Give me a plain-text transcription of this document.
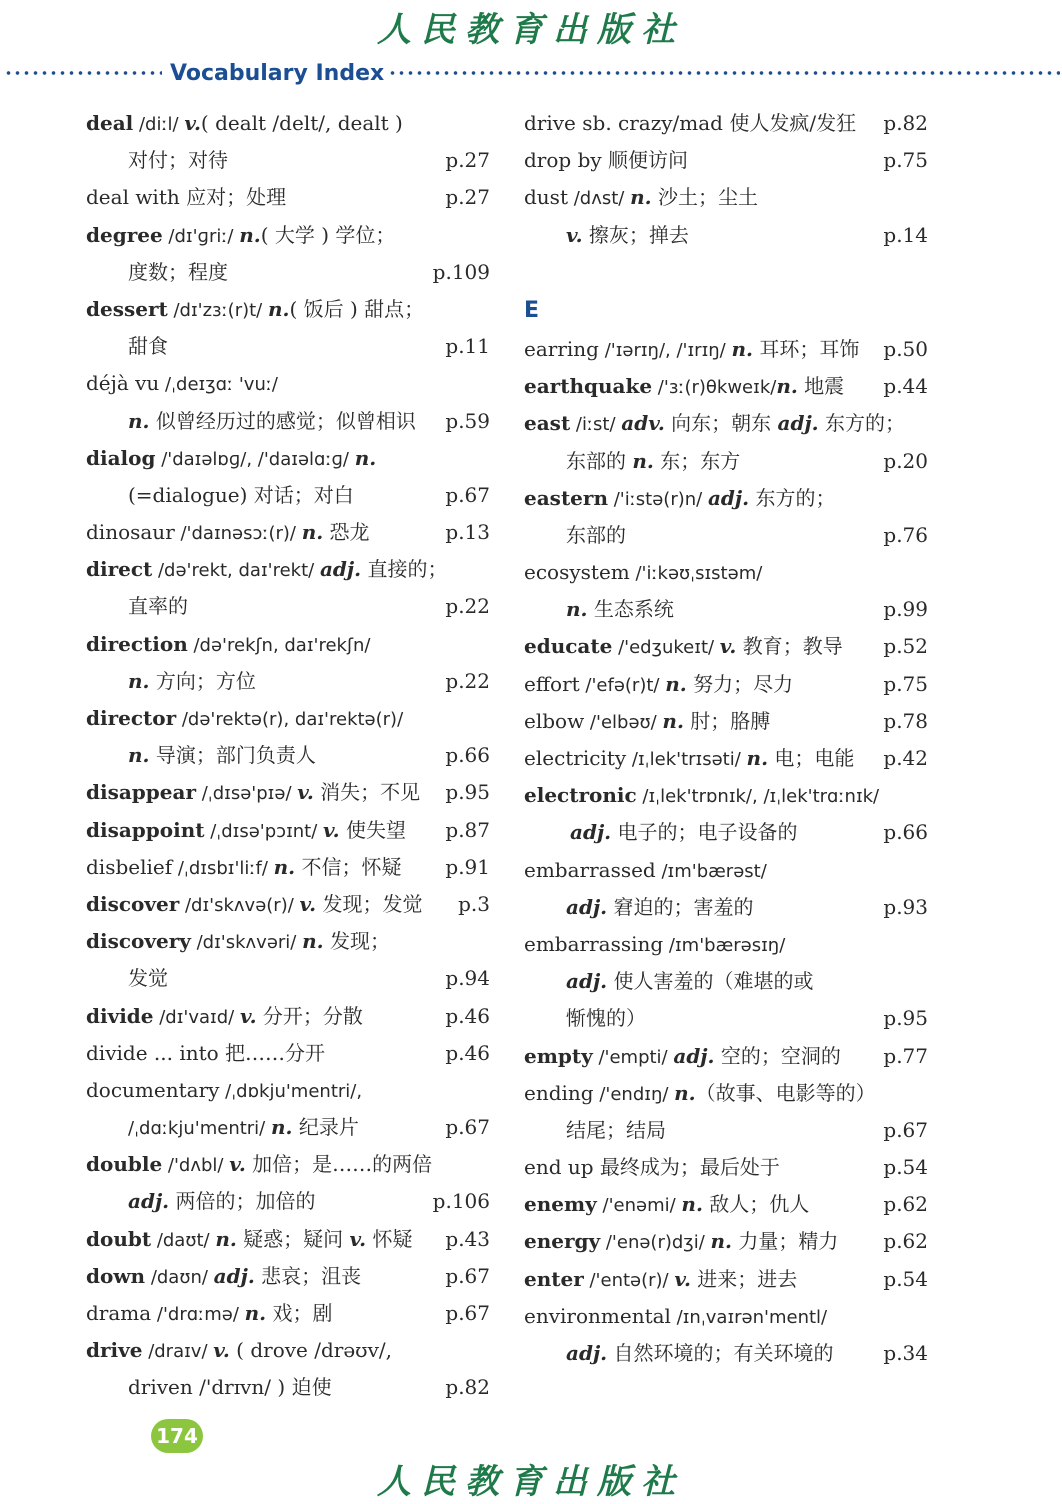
人民教育出版社
Vocabulary Index
deal /diːl/ v.( dealt /delt/, dealt )
对付；对待	p.27
deal with 应对；处理	p.27
degree /dɪ'ɡriː/ n.( 大学 ) 学位；
度数；程度	p.109
dessert /dɪ'zɜː(r)t/ n.( 饭后 ) 甜点；
甜食	p.11
déjà vu /ˌdeɪʒɑː 'vuː/
n. 似曾经历过的感觉；似曾相识	p.59
dialog /'daɪəlɒɡ/, /'daɪəlɑːɡ/ n.
(=dialogue) 对话；对白	p.67
dinosaur /'daɪnəsɔː(r)/ n. 恐龙	p.13
direct /də'rekt, daɪ'rekt/ adj. 直接的；
直率的	p.22
direction /də'rekʃn, daɪ'rekʃn/
n. 方向；方位	p.22
director /də'rektə(r), daɪ'rektə(r)/
n. 导演；部门负责人	p.66
disappear /ˌdɪsə'pɪə/ v. 消失；不见	p.95
disappoint /ˌdɪsə'pɔɪnt/ v. 使失望	p.87
disbelief /ˌdɪsbɪ'liːf/ n. 不信；怀疑	p.91
discover /dɪ'skʌvə(r)/ v. 发现；发觉	p.3
discovery /dɪ'skʌvəri/ n. 发现；
发觉	p.94
divide /dɪ'vaɪd/ v. 分开；分散	p.46
divide ... into 把……分开	p.46
documentary /ˌdɒkju'mentri/,
/ˌdɑːkju'mentri/ n. 纪录片	p.67
double /'dʌbl/ v. 加倍；是……的两倍
adj. 两倍的；加倍的	p.106
doubt /daʊt/ n. 疑惑；疑问 v. 怀疑	p.43
down /daʊn/ adj. 悲哀；沮丧	p.67
drama /'drɑːmə/ n. 戏；剧	p.67
drive /draɪv/ v. ( drove /drəʊv/,
driven /'drɪvn/ ) 迫使	p.82
drive sb. crazy/mad 使人发疯/发狂	p.82
drop by 顺便访问	p.75
dust /dʌst/ n. 沙土；尘土
v. 擦灰；掸去	p.14
E
earring /'ɪərɪŋ/, /'ɪrɪŋ/ n. 耳环；耳饰	p.50
earthquake /'ɜː(r)θkweɪk/n. 地震	p.44
east /iːst/ adv. 向东；朝东 adj. 东方的；
东部的 n. 东；东方	p.20
eastern /'iːstə(r)n/ adj. 东方的；
东部的	p.76
ecosystem /'iːkəʊˌsɪstəm/
n. 生态系统	p.99
educate /'edʒukeɪt/ v. 教育；教导	p.52
effort /'efə(r)t/ n. 努力；尽力	p.75
elbow /'elbəʊ/ n. 肘；胳膊	p.78
electricity /ɪˌlek'trɪsəti/ n. 电；电能	p.42
electronic /ɪˌlek'trɒnɪk/, /ɪˌlek'trɑːnɪk/
adj. 电子的；电子设备的	p.66
embarrassed /ɪm'bærəst/
adj. 窘迫的；害羞的	p.93
embarrassing /ɪm'bærəsɪŋ/
adj. 使人害羞的（难堪的或
惭愧的）	p.95
empty /'empti/ adj. 空的；空洞的	p.77
ending /'endɪŋ/ n.（故事、电影等的）
结尾；结局	p.67
end up 最终成为；最后处于	p.54
enemy /'enəmi/ n. 敌人；仇人	p.62
energy /'enə(r)dʒi/ n. 力量；精力	p.62
enter /'entə(r)/ v. 进来；进去	p.54
environmental /ɪnˌvaɪrən'mentl/
adj. 自然环境的；有关环境的	p.34
174
人民教育出版社
